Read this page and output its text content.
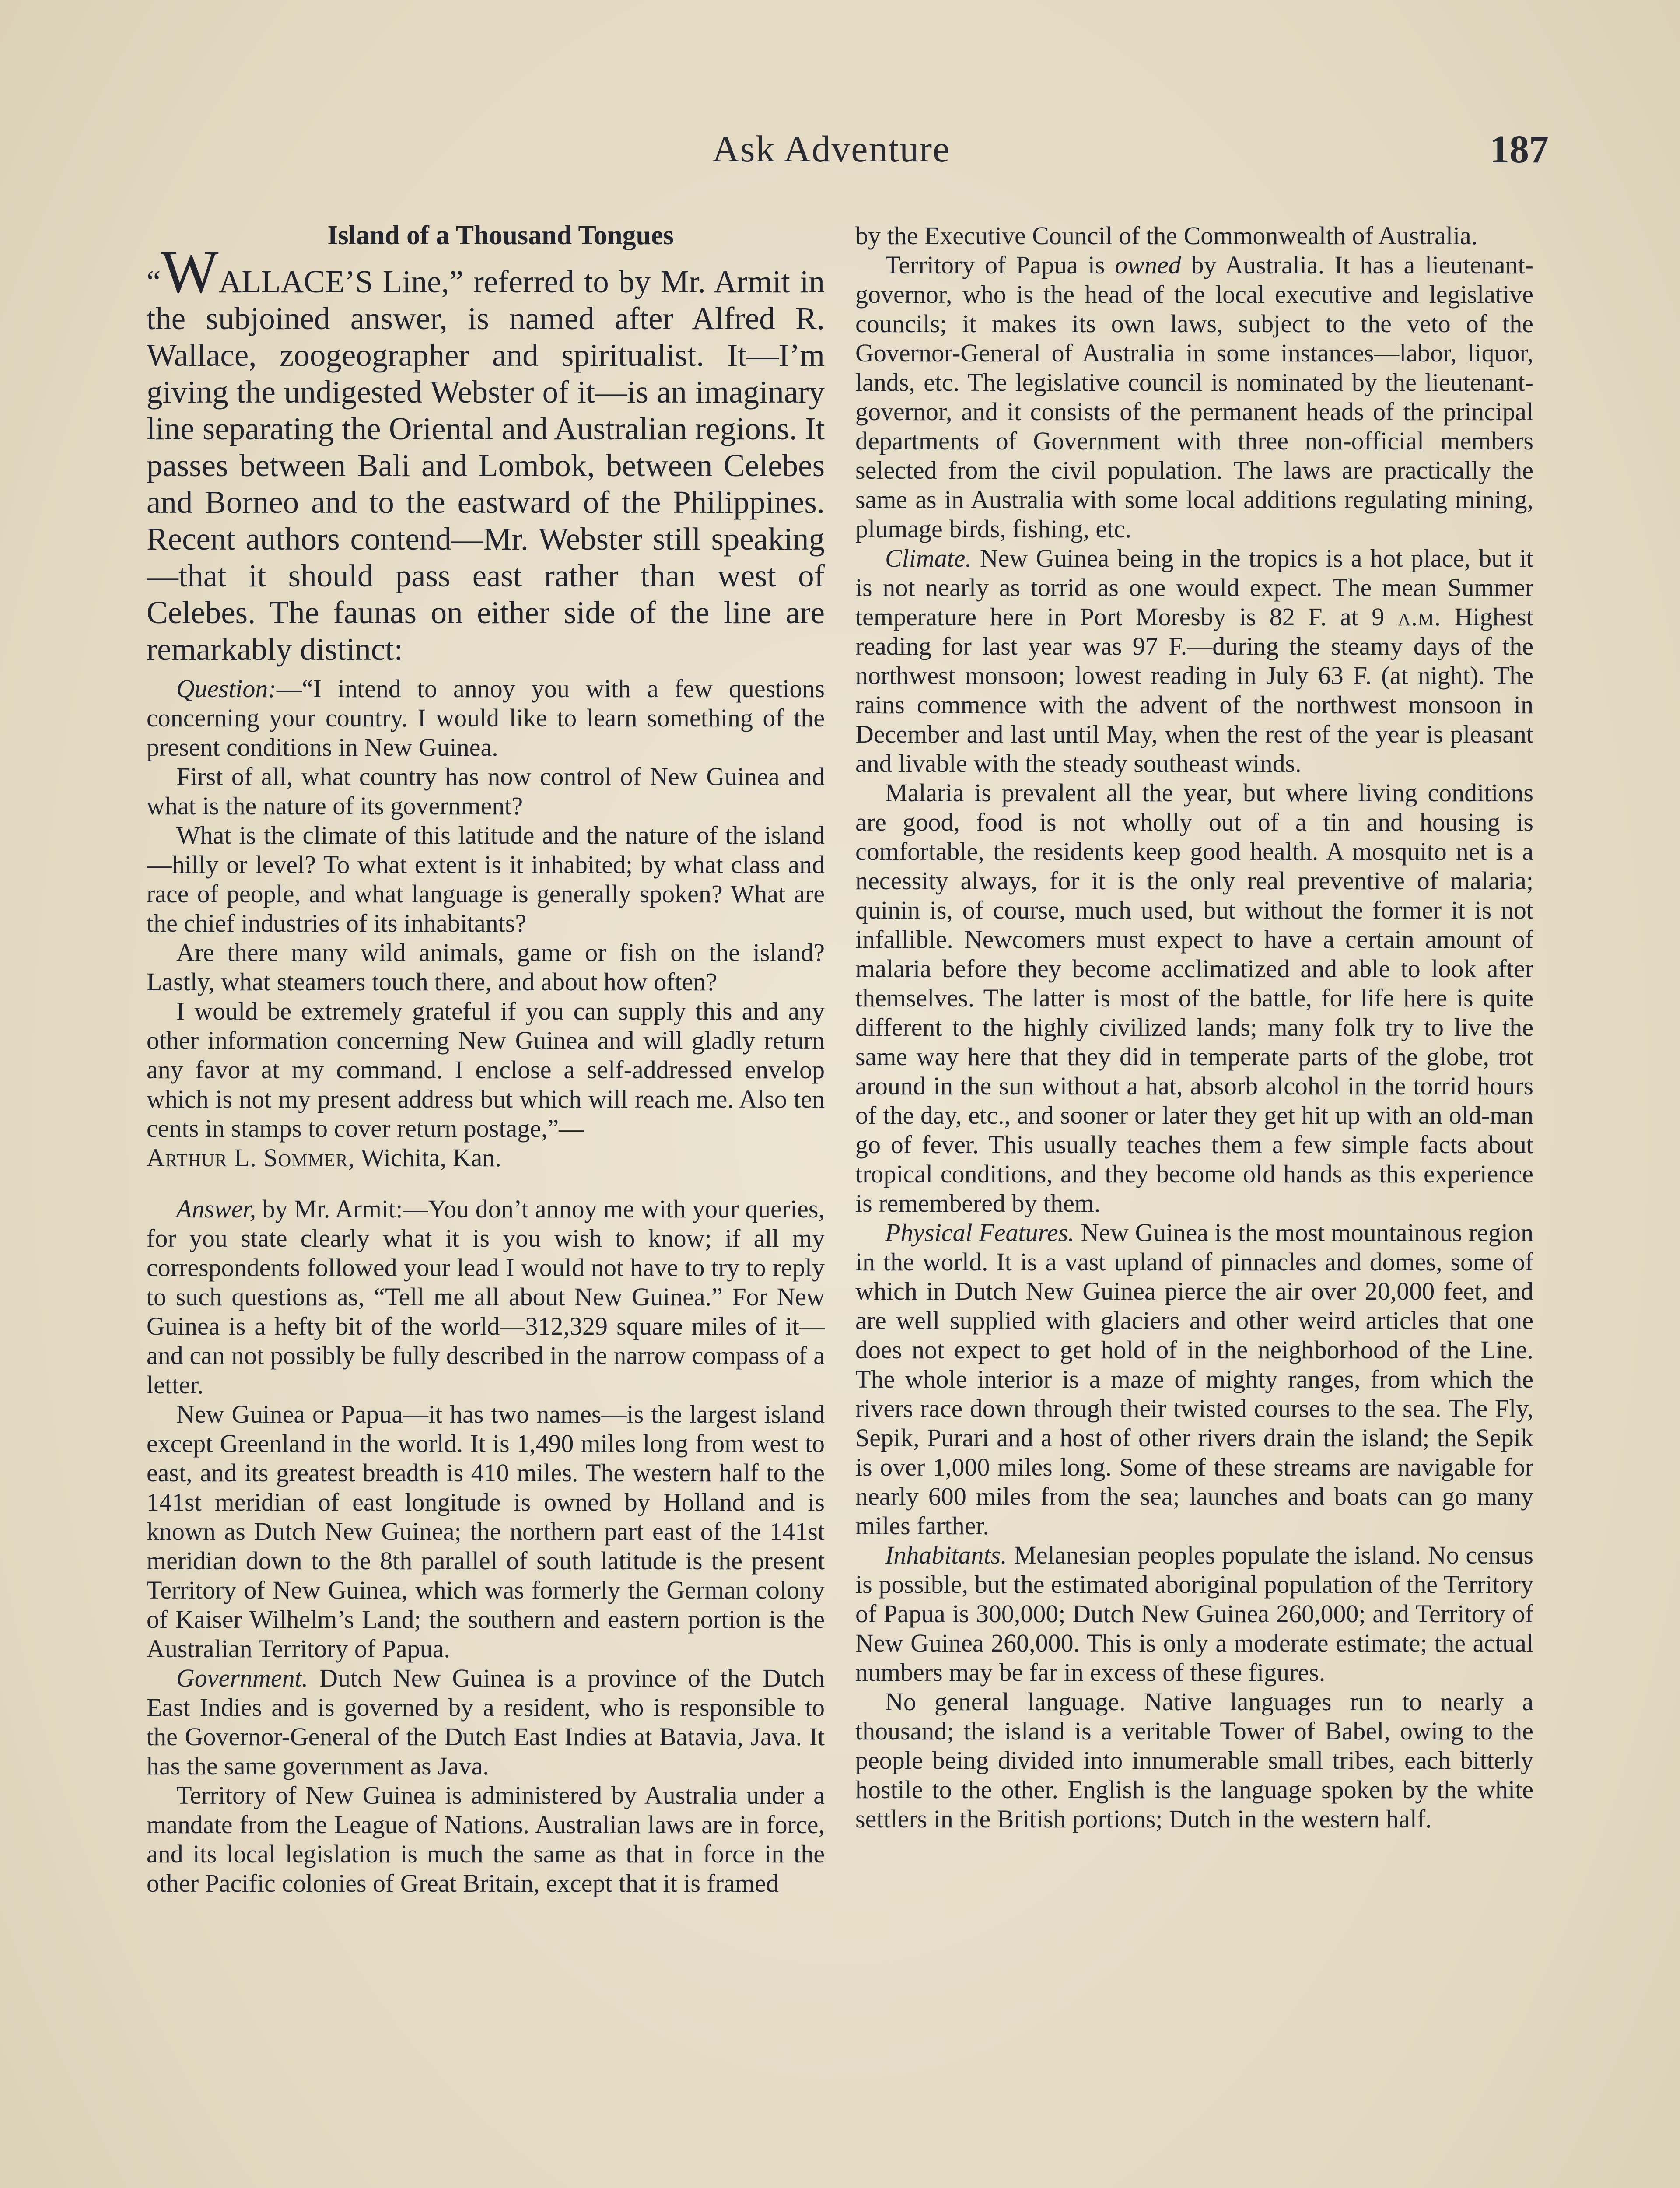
Ask Adventure	187

Island of a Thousand Tongues

“WALLACE’S Line,” referred to by Mr. Armit in the subjoined answer, is named after Alfred R. Wallace, zoogeographer and spiritualist. It—I’m giving the undigested Webster of it—is an imaginary line separating the Oriental and Australian regions. It passes between Bali and Lombok, between Celebes and Borneo and to the eastward of the Philippines. Recent authors contend—Mr. Webster still speaking—that it should pass east rather than west of Celebes. The faunas on either side of the line are remarkably distinct:

Question:—“I intend to annoy you with a few questions concerning your country. I would like to learn something of the present conditions in New Guinea.

First of all, what country has now control of New Guinea and what is the nature of its government?

What is the climate of this latitude and the nature of the island—hilly or level? To what extent is it inhabited; by what class and race of people, and what language is generally spoken? What are the chief industries of its inhabitants?

Are there many wild animals, game or fish on the island? Lastly, what steamers touch there, and about how often?

I would be extremely grateful if you can supply this and any other information concerning New Guinea and will gladly return any favor at my command. I enclose a self-addressed envelop which is not my present address but which will reach me. Also ten cents in stamps to cover return postage,”—

Arthur L. Sommer, Wichita, Kan.

Answer, by Mr. Armit:—You don’t annoy me with your queries, for you state clearly what it is you wish to know; if all my correspondents followed your lead I would not have to try to reply to such questions as, “Tell me all about New Guinea.” For New Guinea is a hefty bit of the world—312,329 square miles of it—and can not possibly be fully described in the narrow compass of a letter.

New Guinea or Papua—it has two names—is the largest island except Greenland in the world. It is 1,490 miles long from west to east, and its greatest breadth is 410 miles. The western half to the 141st meridian of east longitude is owned by Holland and is known as Dutch New Guinea; the northern part east of the 141st meridian down to the 8th parallel of south latitude is the present Territory of New Guinea, which was formerly the German colony of Kaiser Wilhelm’s Land; the southern and eastern portion is the Australian Territory of Papua.

Government. Dutch New Guinea is a province of the Dutch East Indies and is governed by a resident, who is responsible to the Governor-General of the Dutch East Indies at Batavia, Java. It has the same government as Java.

Territory of New Guinea is administered by Australia under a mandate from the League of Nations. Australian laws are in force, and its local legislation is much the same as that in force in the other Pacific colonies of Great Britain, except that it is framed

by the Executive Council of the Commonwealth of Australia.

Territory of Papua is owned by Australia. It has a lieutenant-governor, who is the head of the local executive and legislative councils; it makes its own laws, subject to the veto of the Governor-General of Australia in some instances—labor, liquor, lands, etc. The legislative council is nominated by the lieutenant-governor, and it consists of the permanent heads of the principal departments of Government with three non-official members selected from the civil population. The laws are practically the same as in Australia with some local additions regulating mining, plumage birds, fishing, etc.

Climate. New Guinea being in the tropics is a hot place, but it is not nearly as torrid as one would expect. The mean Summer temperature here in Port Moresby is 82 F. at 9 a.m. Highest reading for last year was 97 F.—during the steamy days of the northwest monsoon; lowest reading in July 63 F. (at night). The rains commence with the advent of the northwest monsoon in December and last until May, when the rest of the year is pleasant and livable with the steady southeast winds.

Malaria is prevalent all the year, but where living conditions are good, food is not wholly out of a tin and housing is comfortable, the residents keep good health. A mosquito net is a necessity always, for it is the only real preventive of malaria; quinin is, of course, much used, but without the former it is not infallible. Newcomers must expect to have a certain amount of malaria before they become acclimatized and able to look after themselves. The latter is most of the battle, for life here is quite different to the highly civilized lands; many folk try to live the same way here that they did in temperate parts of the globe, trot around in the sun without a hat, absorb alcohol in the torrid hours of the day, etc., and sooner or later they get hit up with an old-man go of fever. This usually teaches them a few simple facts about tropical conditions, and they become old hands as this experience is remembered by them.

Physical Features. New Guinea is the most mountainous region in the world. It is a vast upland of pinnacles and domes, some of which in Dutch New Guinea pierce the air over 20,000 feet, and are well supplied with glaciers and other weird articles that one does not expect to get hold of in the neighborhood of the Line. The whole interior is a maze of mighty ranges, from which the rivers race down through their twisted courses to the sea. The Fly, Sepik, Purari and a host of other rivers drain the island; the Sepik is over 1,000 miles long. Some of these streams are navigable for nearly 600 miles from the sea; launches and boats can go many miles farther.

Inhabitants. Melanesian peoples populate the island. No census is possible, but the estimated aboriginal population of the Territory of Papua is 300,000; Dutch New Guinea 260,000; and Territory of New Guinea 260,000. This is only a moderate estimate; the actual numbers may be far in excess of these figures.

No general language. Native languages run to nearly a thousand; the island is a veritable Tower of Babel, owing to the people being divided into innumerable small tribes, each bitterly hostile to the other. English is the language spoken by the white settlers in the British portions; Dutch in the western half.
